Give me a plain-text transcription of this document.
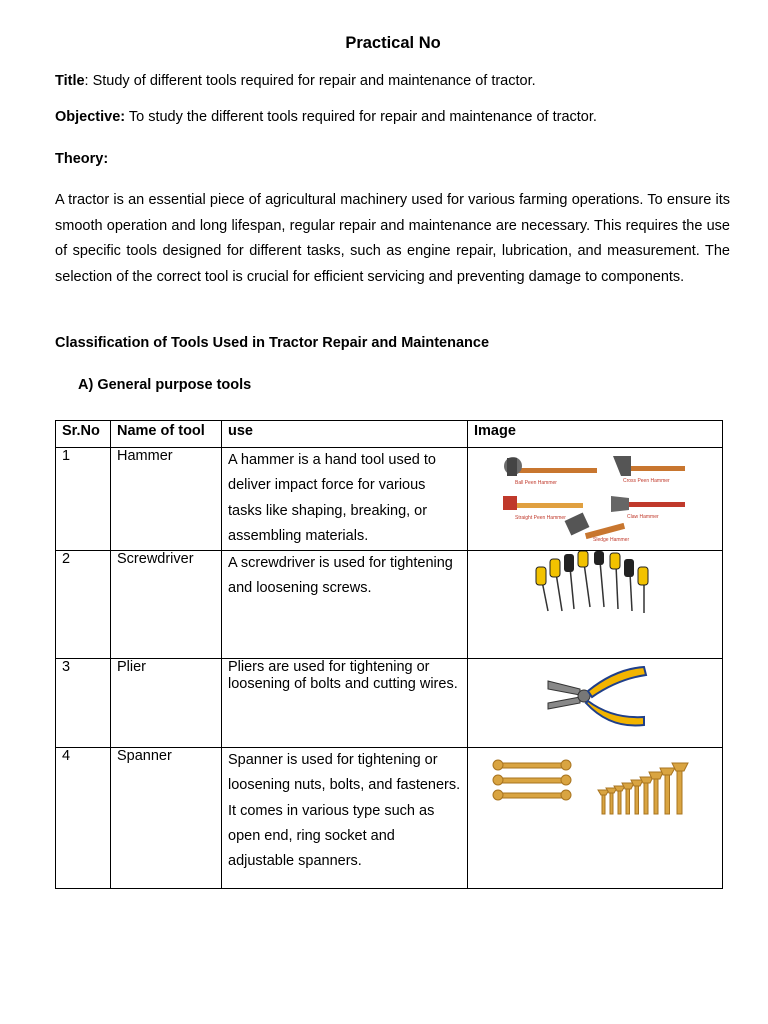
Practical No
Title: Study of different tools required for repair and maintenance of tractor.
Objective: To study the different tools required for repair and maintenance of tractor.
Theory:
A tractor is an essential piece of agricultural machinery used for various farming operations. To ensure its smooth operation and long lifespan, regular repair and maintenance are necessary. This requires the use of specific tools designed for different tasks, such as engine repair, lubrication, and measurement. The selection of the correct tool is crucial for efficient servicing and preventing damage to components.
Classification of Tools Used in Tractor Repair and Maintenance
A) General purpose tools
Sr.No	Name of tool	use	Image
1	Hammer	A hammer is a hand tool used to deliver impact force for various tasks like shaping, breaking, or assembling materials.	Ball Peen Hammer Cross Peen Hammer
Straight Peen Hammer Claw Hammer
Sledge Hammer

2	Screwdriver	A screwdriver is used for tightening and loosening screws.	

3	Plier	Pliers are used for tightening or loosening of bolts and cutting wires.	

4	Spanner	Spanner is used for tightening or loosening nuts, bolts, and fasteners. It comes in various type such as open end, ring socket and adjustable spanners.	
